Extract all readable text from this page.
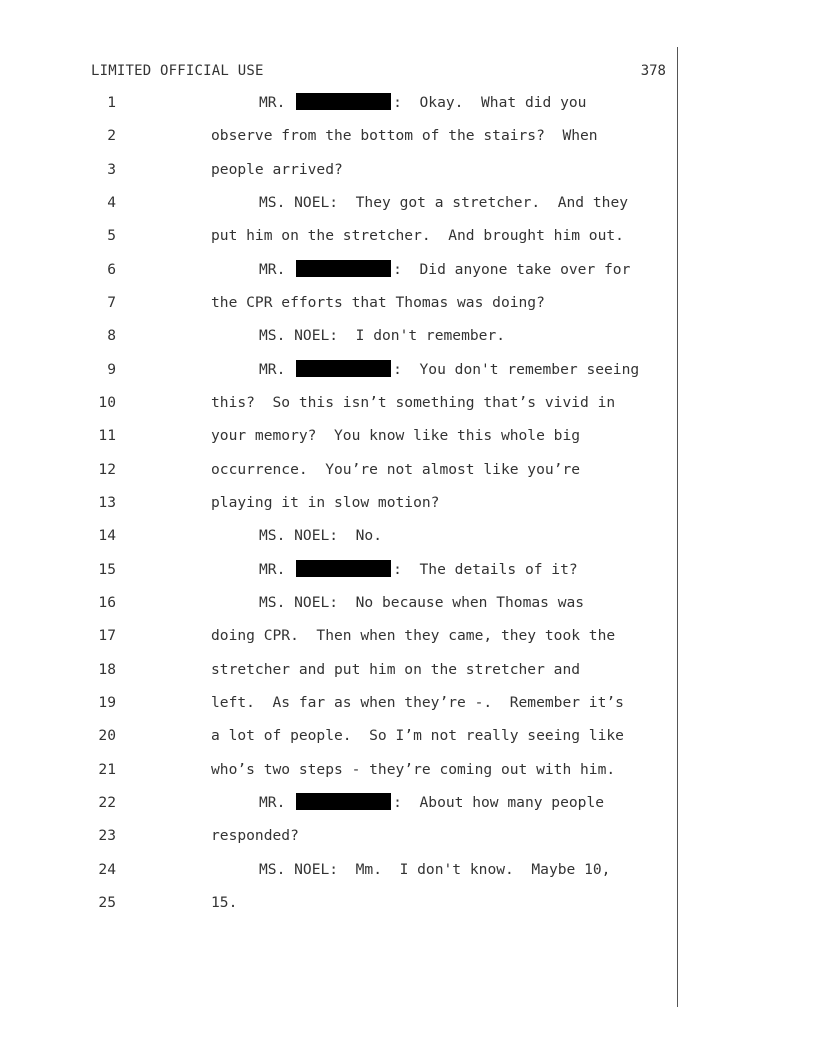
LIMITED OFFICIAL USE	378
1	MR.	:  Okay.  What did you
2	observe from the bottom of the stairs?  When
3	people arrived?
4	MS. NOEL:  They got a stretcher.  And they
5	put him on the stretcher.  And brought him out.
6	MR.	:  Did anyone take over for
7	the CPR efforts that Thomas was doing?
8	MS. NOEL:  I don't remember.
9	MR.	:  You don't remember seeing
10	this?  So this isn’t something that’s vivid in
11	your memory?  You know like this whole big
12	occurrence.  You’re not almost like you’re
13	playing it in slow motion?
14	MS. NOEL:  No.
15	MR.	:  The details of it?
16	MS. NOEL:  No because when Thomas was
17	doing CPR.  Then when they came, they took the
18	stretcher and put him on the stretcher and
19	left.  As far as when they’re -.  Remember it’s
20	a lot of people.  So I’m not really seeing like
21	who’s two steps - they’re coming out with him.
22	MR.	:  About how many people
23	responded?
24	MS. NOEL:  Mm.  I don't know.  Maybe 10,
25	15.
